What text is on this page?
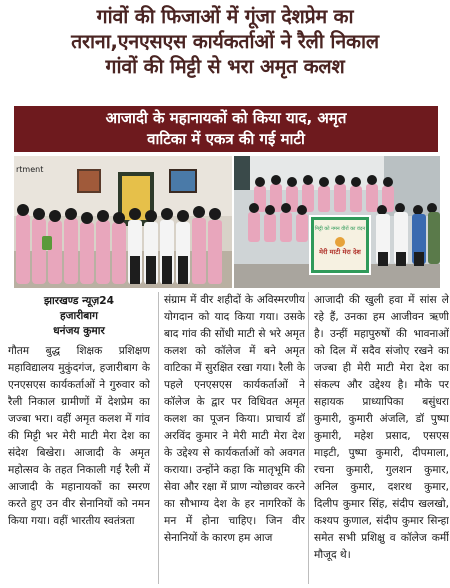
गांवों की फिजाओं में गूंजा देशप्रेम का
तराना,एनएसएस कार्यकर्ताओं ने रैली निकाल
गांवों की मिट्टी से भरा अमृत कलश
आजादी के महानायकों को किया याद, अमृत
वाटिका में एकत्र की गई माटी
rtment
मिट्टी को नमन वीरों का वंदन
मेरी माटी मेरा देश
झारखण्ड न्यूज़24
हजारीबाग
धनंजय कुमार
गौतम बुद्ध शिक्षक प्रशिक्षण महाविद्यालय मुकुंदगंज, हजारीबाग के एनएसएस कार्यकर्ताओं ने गुरुवार को रैली निकाल ग्रामीणों में देशप्रेम का जज्बा भरा। वहीं अमृत कलश में गांव की मिट्टी भर मेरी माटी मेरा देश का संदेश बिखेरा। आजादी के अमृत महोत्सव के तहत निकाली गई रैली में आजादी के महानायकों का स्मरण करते हुए उन वीर सेनानियों को नमन किया गया। वहीं भारतीय स्वतंत्रता
संग्राम में वीर शहीदों के अविस्मरणीय योगदान को याद किया गया। उसके बाद गांव की सोंधी माटी से भरे अमृत कलश को कॉलेज में बने अमृत वाटिका में सुरक्षित रखा गया। रैली के पहले एनएसएस कार्यकर्ताओं ने कॉलेज के द्वार पर विधिवत अमृत कलश का पूजन किया। प्राचार्य डॉ अरविंद कुमार ने मेरी माटी मेरा देश के उद्देश्य से कार्यकर्ताओं को अवगत कराया। उन्होंने कहा कि मातृभूमि की सेवा और रक्षा में प्राण न्योछावर करने का सौभाग्य देश के हर नागरिकों के मन में होना चाहिए। जिन वीर सेनानियों के कारण हम आज
आजादी की खुली हवा में सांस ले रहे हैं, उनका हम आजीवन ऋणी है। उन्हीं महापुरुषों की भावनाओं को दिल में सदैव संजोए रखने का जज्बा ही मेरी माटी मेरा देश का संकल्प और उद्देश्य है। मौके पर सहायक प्राध्यापिका बसुंधरा कुमारी, कुमारी अंजलि, डॉ पुष्पा कुमारी, महेश प्रसाद, एसएस माइटी, पुष्पा कुमारी, दीपमाला, रचना कुमारी, गुलशन कुमार, अनिल कुमार, दशरथ कुमार, दिलीप कुमार सिंह, संदीप खलखो, कश्यप कुणाल, संदीप कुमार सिन्हा समेत सभी प्रशिक्षु व कॉलेज कर्मी मौजूद थे।
